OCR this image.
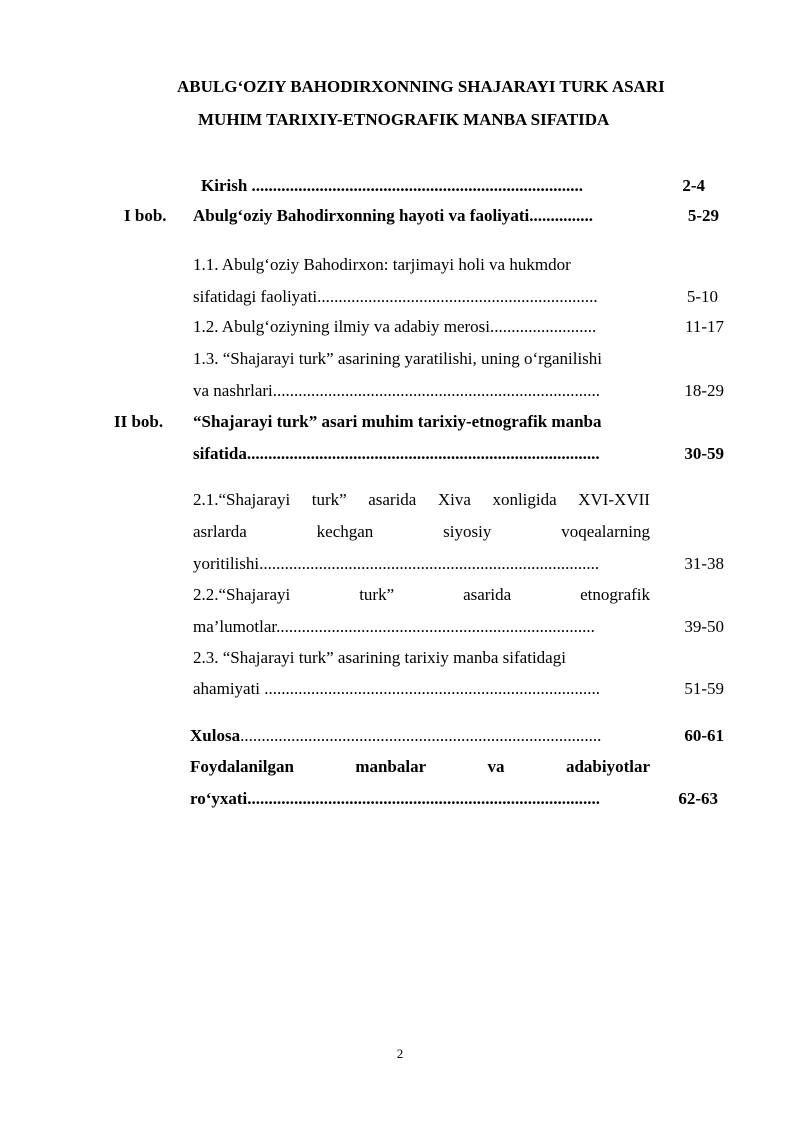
ABULG‘OZIY BAHODIRXONNING SHAJARAYI TURK ASARI
MUHIM TARIXIY-ETNOGRAFIK MANBA SIFATIDA
Kirish ..............................................................................	2-4
I bob. Abulg‘oziy Bahodirxonning hayoti va faoliyati...............	5-29
1.1. Abulg‘oziy Bahodirxon: tarjimayi holi va hukmdor
sifatidagi faoliyati..................................................................	5-10
1.2. Abulg‘oziyning ilmiy va adabiy merosi.........................	11-17
1.3. “Shajarayi turk” asarining yaratilishi, uning o‘rganilishi
va nashrlari.............................................................................	18-29
II bob. “Shajarayi turk” asari muhim tarixiy-etnografik manba
sifatida...................................................................................	30-59
2.1.“Shajarayi turk” asarida Xiva xonligida XVI-XVII
asrlarda	kechgan	siyosiy	voqealarning
yoritilishi................................................................................	31-38
2.2.“Shajarayi	turk”	asarida	etnografik
ma’lumotlar...........................................................................	39-50
2.3. “Shajarayi turk” asarining tarixiy manba sifatidagi
ahamiyati ...............................................................................	51-59
Xulosa.....................................................................................	60-61
Foydalanilgan	manbalar	va	adabiyotlar
ro‘yxati...................................................................................	62-63
2
